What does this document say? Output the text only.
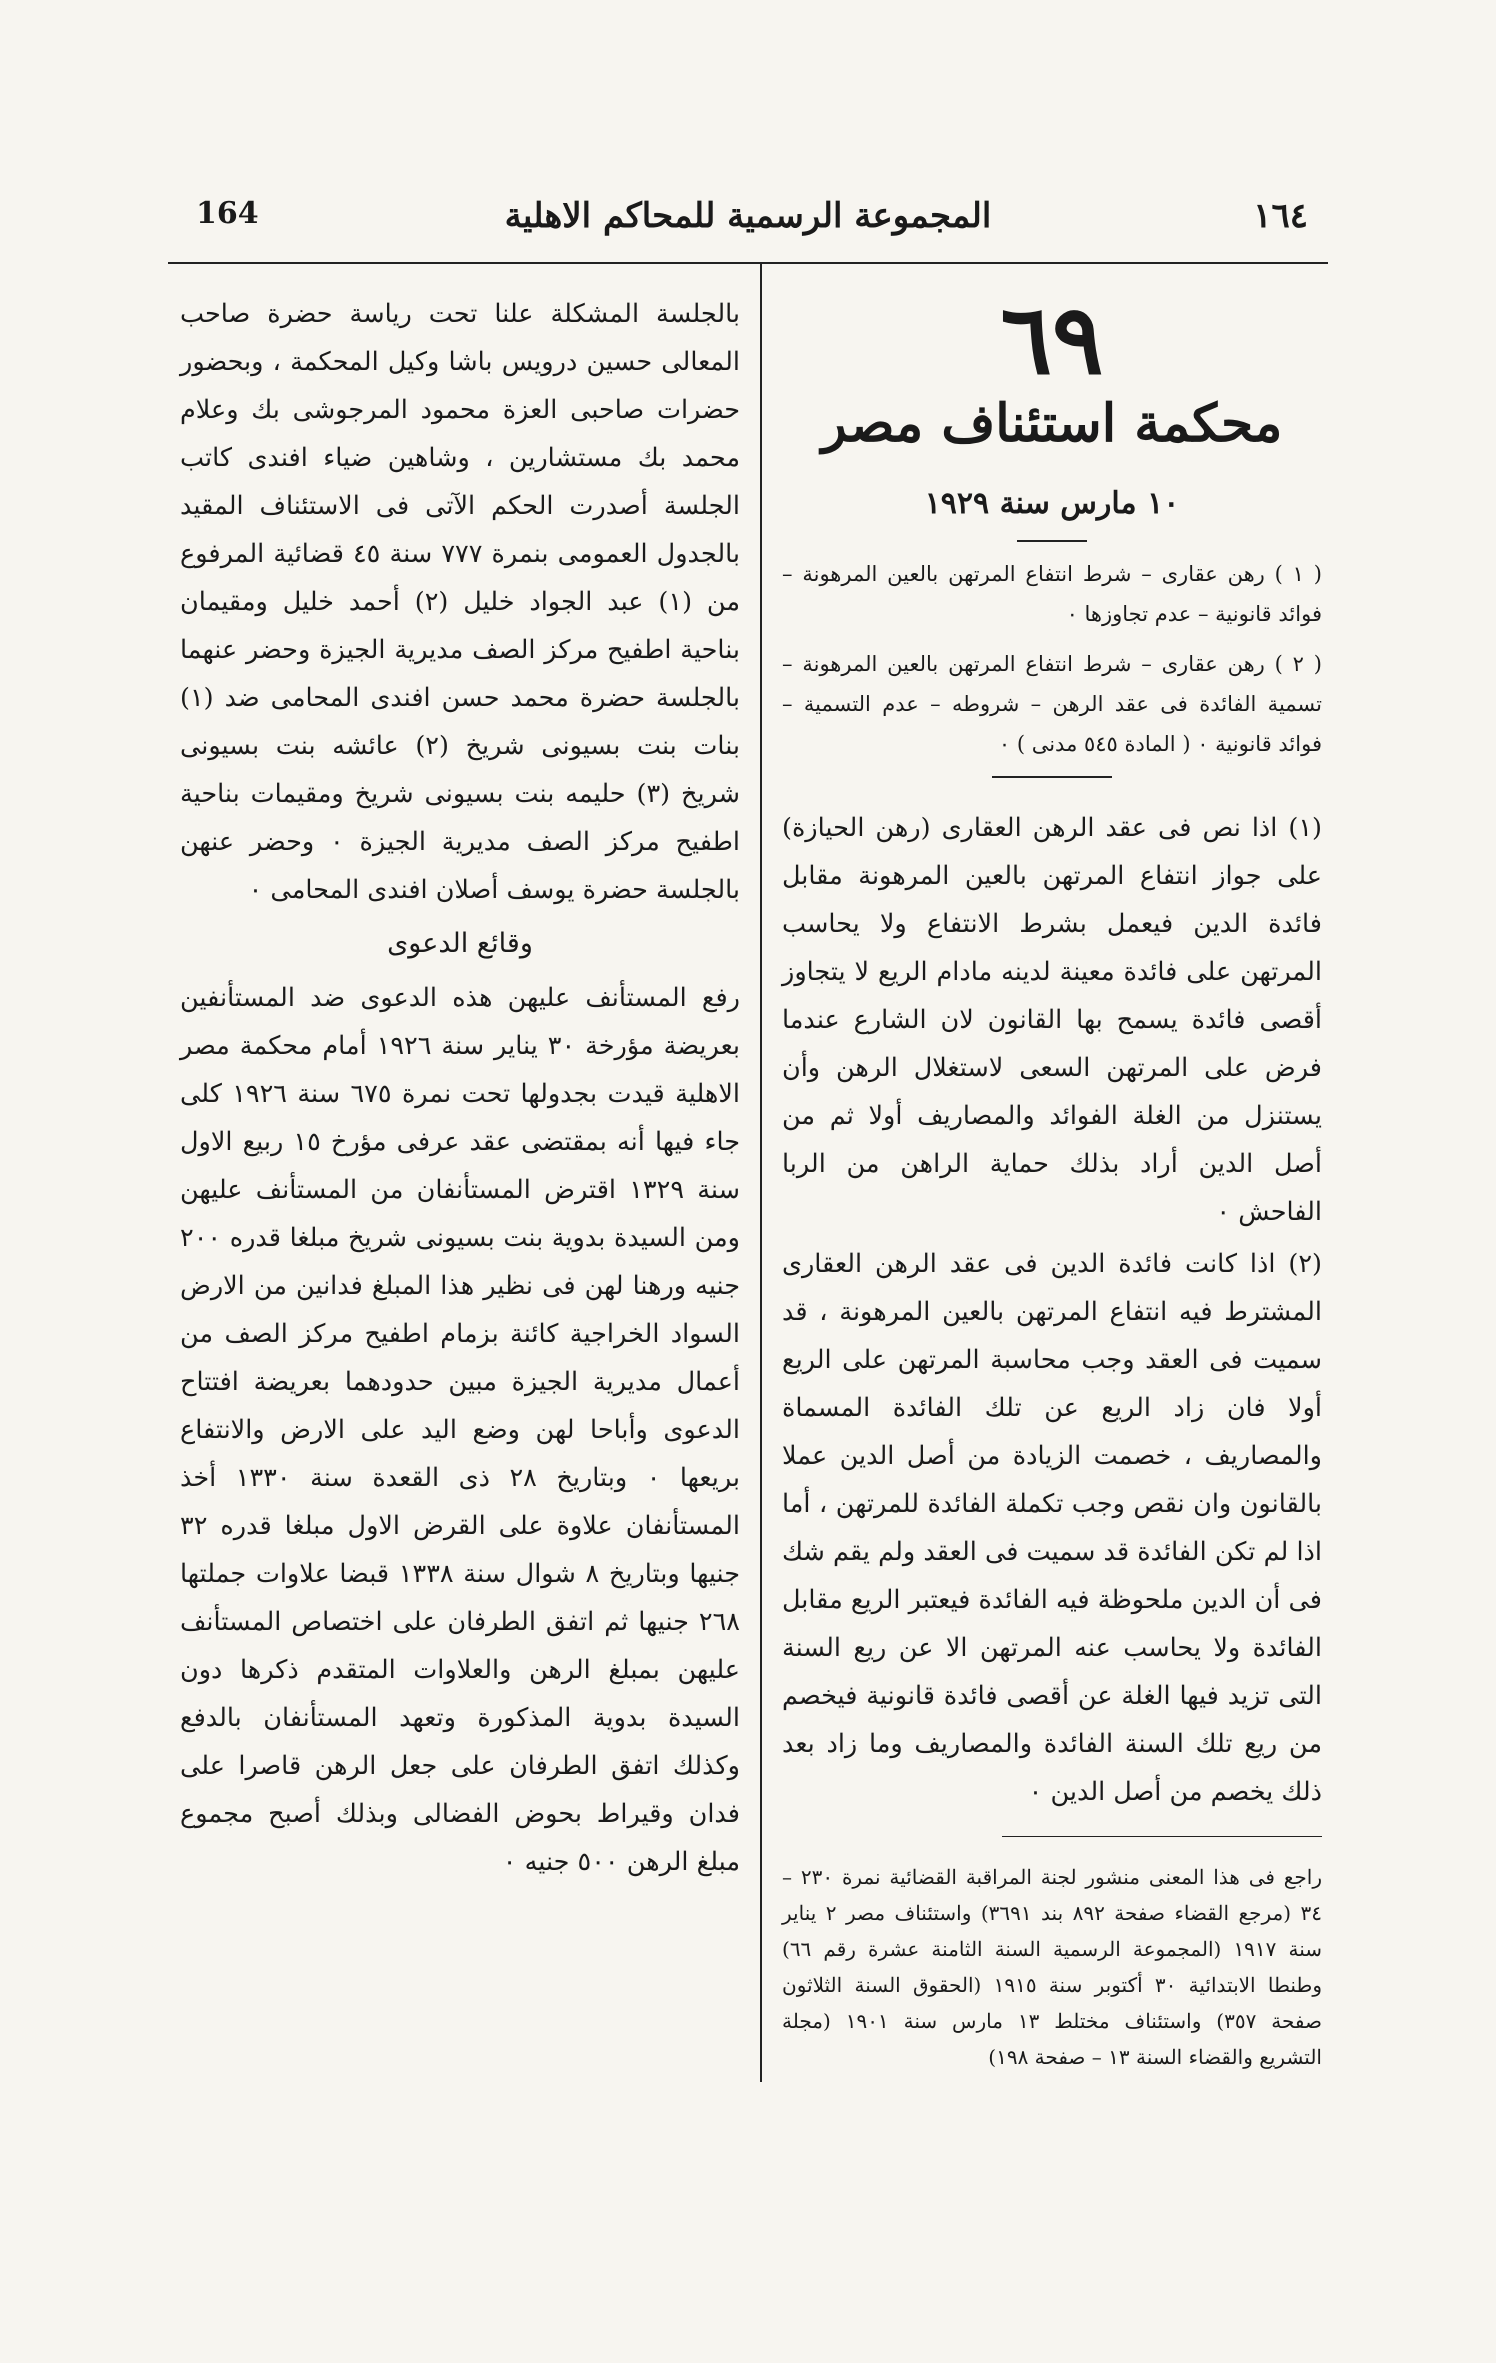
164	المجموعة الرسمية للمحاكم الاهلية	١٦٤
٦٩
محكمة استئناف مصر
١٠ مارس سنة ١٩٢٩

( ١ ) رهن عقارى – شرط انتفاع المرتهن بالعين المرهونة – فوائد قانونية – عدم تجاوزها ٠

( ٢ ) رهن عقارى – شرط انتفاع المرتهن بالعين المرهونة – تسمية الفائدة فى عقد الرهن – شروطه – عدم التسمية – فوائد قانونية ٠ ( المادة ٥٤٥ مدنى ) ٠

(١) اذا نص فى عقد الرهن العقارى (رهن الحيازة) على جواز انتفاع المرتهن بالعين المرهونة مقابل فائدة الدين فيعمل بشرط الانتفاع ولا يحاسب المرتهن على فائدة معينة لدينه مادام الريع لا يتجاوز أقصى فائدة يسمح بها القانون لان الشارع عندما فرض على المرتهن السعى لاستغلال الرهن وأن يستنزل من الغلة الفوائد والمصاريف أولا ثم من أصل الدين أراد بذلك حماية الراهن من الربا الفاحش ٠

(٢) اذا كانت فائدة الدين فى عقد الرهن العقارى المشترط فيه انتفاع المرتهن بالعين المرهونة ، قد سميت فى العقد وجب محاسبة المرتهن على الريع أولا فان زاد الريع عن تلك الفائدة المسماة والمصاريف ، خصمت الزيادة من أصل الدين عملا بالقانون وان نقص وجب تكملة الفائدة للمرتهن ، أما اذا لم تكن الفائدة قد سميت فى العقد ولم يقم شك فى أن الدين ملحوظة فيه الفائدة فيعتبر الريع مقابل الفائدة ولا يحاسب عنه المرتهن الا عن ريع السنة التى تزيد فيها الغلة عن أقصى فائدة قانونية فيخصم من ريع تلك السنة الفائدة والمصاريف وما زاد بعد ذلك يخصم من أصل الدين ٠

راجع فى هذا المعنى منشور لجنة المراقبة القضائية نمرة ٢٣٠ – ٣٤ (مرجع القضاء صفحة ٨٩٢ بند ٣٦٩١) واستئناف مصر ٢ يناير سنة ١٩١٧ (المجموعة الرسمية السنة الثامنة عشرة رقم ٦٦) وطنطا الابتدائية ٣٠ أكتوبر سنة ١٩١٥ (الحقوق السنة الثلاثون صفحة ٣٥٧) واستئناف مختلط ١٣ مارس سنة ١٩٠١ (مجلة التشريع والقضاء السنة ١٣ – صفحة ١٩٨)

بالجلسة المشكلة علنا تحت رياسة حضرة صاحب المعالى حسين درويس باشا وكيل المحكمة ، وبحضور حضرات صاحبى العزة محمود المرجوشى بك وعلام محمد بك مستشارين ، وشاهين ضياء افندى كاتب الجلسة أصدرت الحكم الآتى فى الاستئناف المقيد بالجدول العمومى بنمرة ٧٧٧ سنة ٤٥ قضائية المرفوع من (١) عبد الجواد خليل (٢) أحمد خليل ومقيمان بناحية اطفيح مركز الصف مديرية الجيزة وحضر عنهما بالجلسة حضرة محمد حسن افندى المحامى ضد (١) بنات بنت بسيونى شريخ (٢) عائشه بنت بسيونى شريخ (٣) حليمه بنت بسيونى شريخ ومقيمات بناحية اطفيح مركز الصف مديرية الجيزة ٠ وحضر عنهن بالجلسة حضرة يوسف أصلان افندى المحامى ٠

وقائع الدعوى

رفع المستأنف عليهن هذه الدعوى ضد المستأنفين بعريضة مؤرخة ٣٠ يناير سنة ١٩٢٦ أمام محكمة مصر الاهلية قيدت بجدولها تحت نمرة ٦٧٥ سنة ١٩٢٦ كلى جاء فيها أنه بمقتضى عقد عرفى مؤرخ ١٥ ربيع الاول سنة ١٣٢٩ اقترض المستأنفان من المستأنف عليهن ومن السيدة بدوية بنت بسيونى شريخ مبلغا قدره ٢٠٠ جنيه ورهنا لهن فى نظير هذا المبلغ فدانين من الارض السواد الخراجية كائنة بزمام اطفيح مركز الصف من أعمال مديرية الجيزة مبين حدودهما بعريضة افتتاح الدعوى وأباحا لهن وضع اليد على الارض والانتفاع بريعها ٠ وبتاريخ ٢٨ ذى القعدة سنة ١٣٣٠ أخذ المستأنفان علاوة على القرض الاول مبلغا قدره ٣٢ جنيها وبتاريخ ٨ شوال سنة ١٣٣٨ قبضا علاوات جملتها ٢٦٨ جنيها ثم اتفق الطرفان على اختصاص المستأنف عليهن بمبلغ الرهن والعلاوات المتقدم ذكرها دون السيدة بدوية المذكورة وتعهد المستأنفان بالدفع وكذلك اتفق الطرفان على جعل الرهن قاصرا على فدان وقيراط بحوض الفضالى وبذلك أصبح مجموع مبلغ الرهن ٥٠٠ جنيه ٠
